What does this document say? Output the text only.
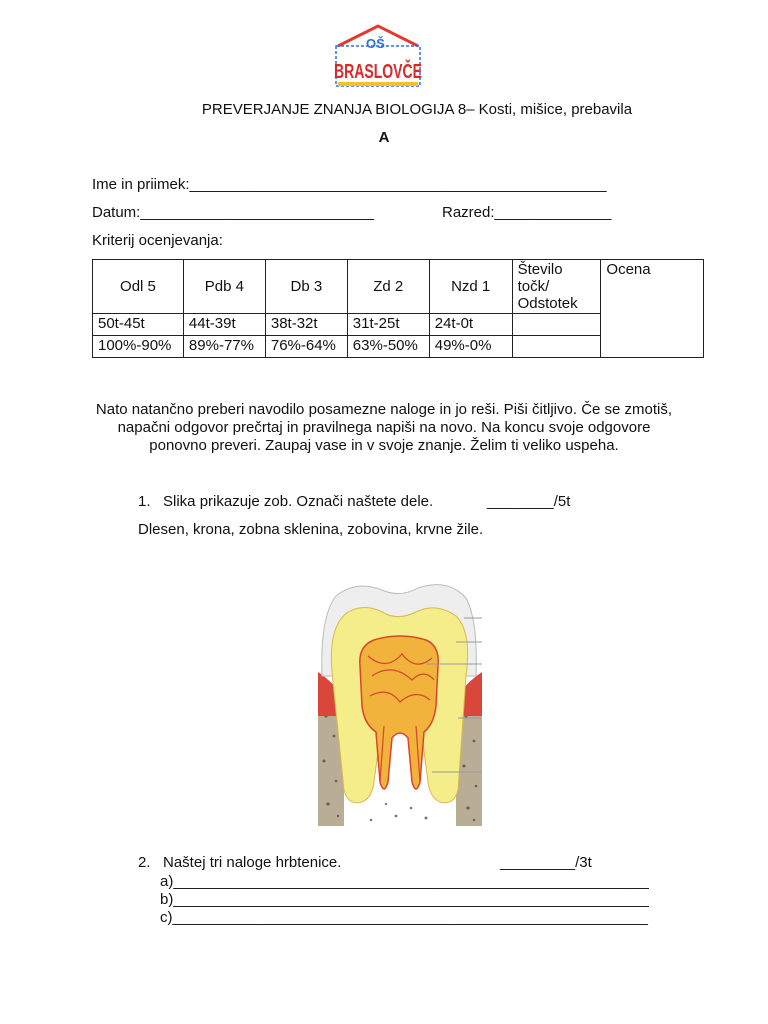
OŠ
BRASLOVČE
PREVERJANJE ZNANJA BIOLOGIJA 8– Kosti, mišice, prebavila
A
Ime in priimek:__________________________________________________
Datum:____________________________	Razred:______________
Kriterij ocenjevanja:
Odl 5	Pdb 4	Db 3	Zd 2	Nzd 1	Število točk/ Odstotek	Ocena
50t-45t	44t-39t	38t-32t	31t-25t	24t-0t		
100%-90%	89%-77%	76%-64%	63%-50%	49%-0%		
Nato natančno preberi navodilo posamezne naloge in jo reši. Piši čitljivo. Če se zmotiš, napačni odgovor prečrtaj in pravilnega napiši na novo. Na koncu svoje odgovore ponovno preveri. Zaupaj vase in v svoje znanje. Želim ti veliko uspeha.
1.   Slika prikazuje zob. Označi naštete dele.	________/5t
Dlesen, krona, zobna sklenina, zobovina, krvne žile.
2.   Naštej tri naloge hrbtenice.	_________/3t
a)_________________________________________________________
b)_________________________________________________________
c)_________________________________________________________
